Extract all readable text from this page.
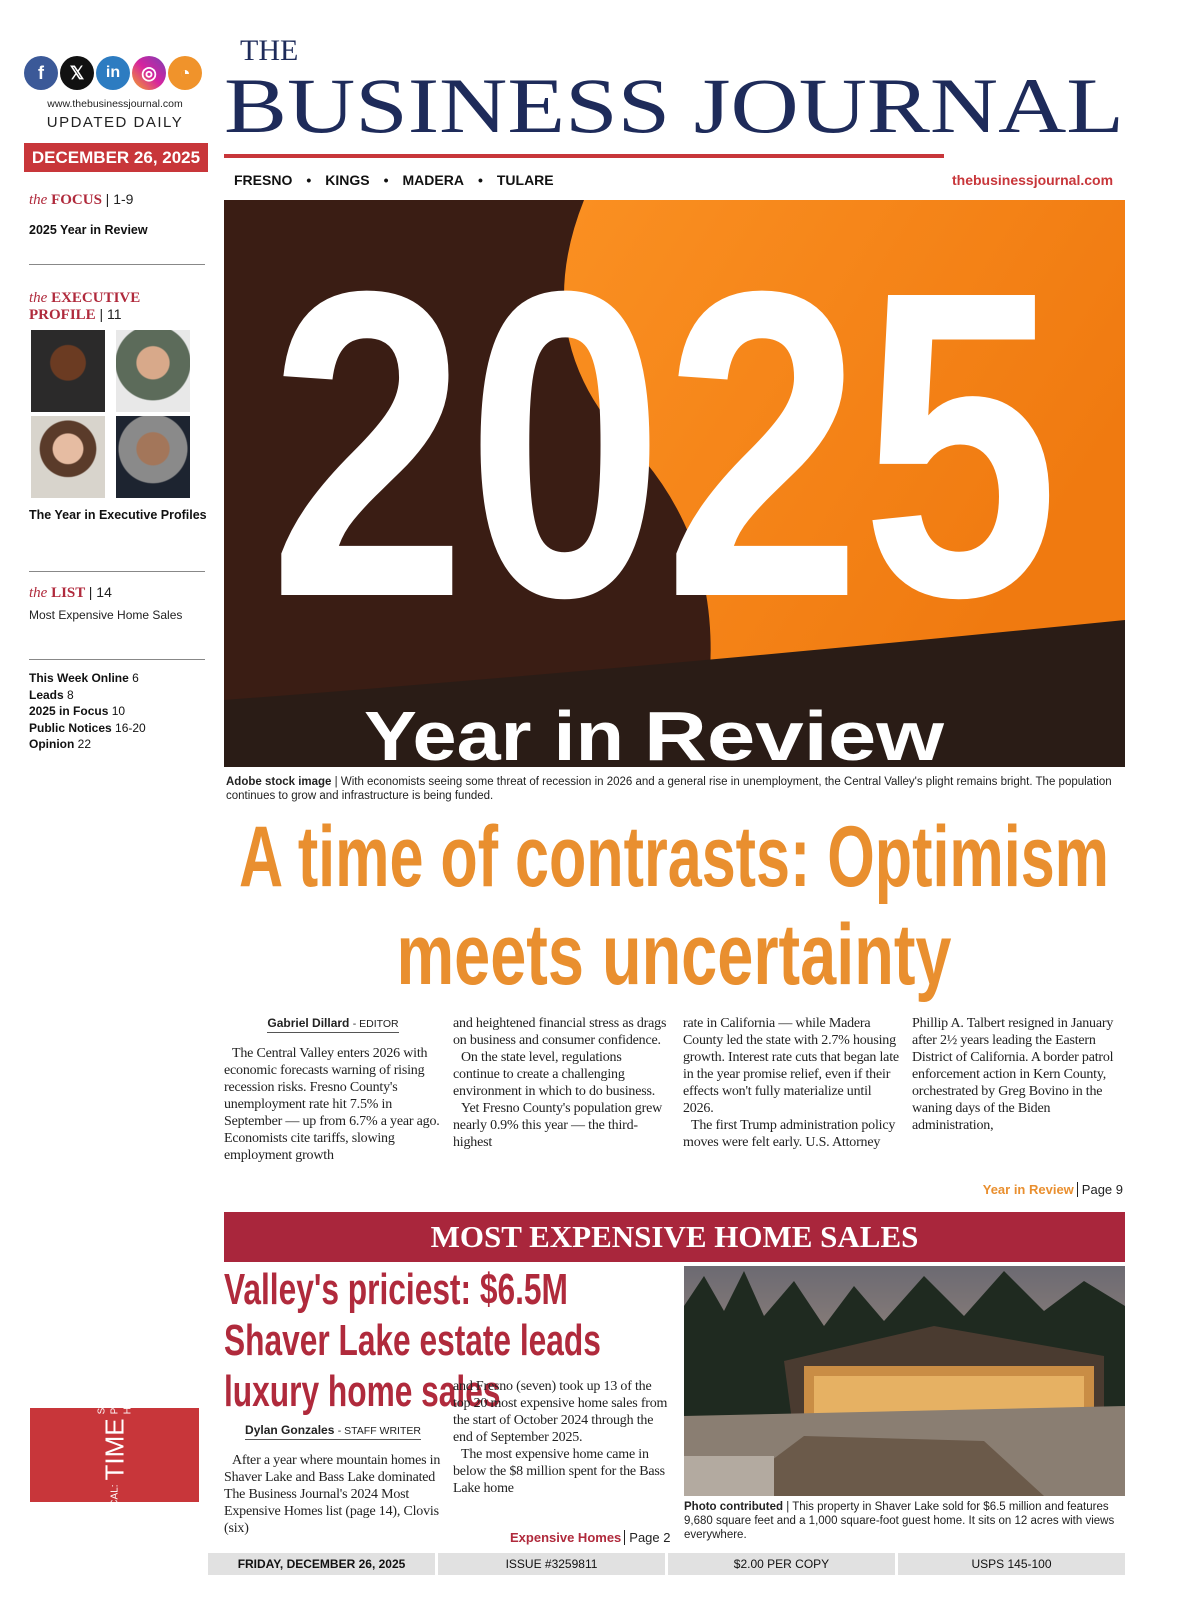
f	𝕏	in	◎	◔
www.thebusinessjournal.com
UPDATED DAILY
DECEMBER 26, 2025
the FOCUS | 1-9
2025 Year in Review
the EXECUTIVE
PROFILE | 11
The Year in Executive Profiles
the LIST | 14
Most Expensive Home Sales
This Week Online 6
Leads 8
2025 in Focus 10
Public Notices 16-20
Opinion 22
PERIODICAL:
TIME
SENSITIVE PRIORITY HANDLING
THE
BUSINESS JOURNAL
thebusinessjournal.com
FRESNO • KINGS • MADERA • TULARE
2025
Year in Review
Adobe stock image | With economists seeing some threat of recession in 2026 and a general rise in unemployment, the Central Valley's plight remains bright. The population continues to grow and infrastructure is being funded.
A time of contrasts: Optimism
meets uncertainty
Gabriel Dillard - EDITOR

The Central Valley enters 2026 with economic forecasts warning of rising recession risks. Fresno County's unemployment rate hit 7.5% in September — up from 6.7% a year ago. Economists cite tariffs, slowing employment growth

and heightened financial stress as drags on business and consumer confidence.

On the state level, regulations continue to create a challenging environment in which to do business.

Yet Fresno County's population grew nearly 0.9% this year — the third-highest

rate in California — while Madera County led the state with 2.7% housing growth. Interest rate cuts that began late in the year promise relief, even if their effects won't fully materialize until 2026.

The first Trump administration policy moves were felt early. U.S. Attorney

Phillip A. Talbert resigned in January after 2½ years leading the Eastern District of California. A border patrol enforcement action in Kern County, orchestrated by Greg Bovino in the waning days of the Biden administration,

Year in Review Page 9
MOST EXPENSIVE HOME SALES
Valley's priciest: $6.5M Shaver Lake estate leads luxury home sales
Dylan Gonzales - STAFF WRITER

After a year where mountain homes in Shaver Lake and Bass Lake dominated The Business Journal's 2024 Most Expensive Homes list (page 14), Clovis (six)

and Fresno (seven) took up 13 of the top 20 most expensive home sales from the start of October 2024 through the end of September 2025.

The most expensive home came in below the $8 million spent for the Bass Lake home

Expensive Homes Page 2
Photo contributed | This property in Shaver Lake sold for $6.5 million and features 9,680 square feet and a 1,000 square-foot guest home. It sits on 12 acres with views everywhere.
FRIDAY, DECEMBER 26, 2025	ISSUE #3259811	$2.00 PER COPY	USPS 145-100
